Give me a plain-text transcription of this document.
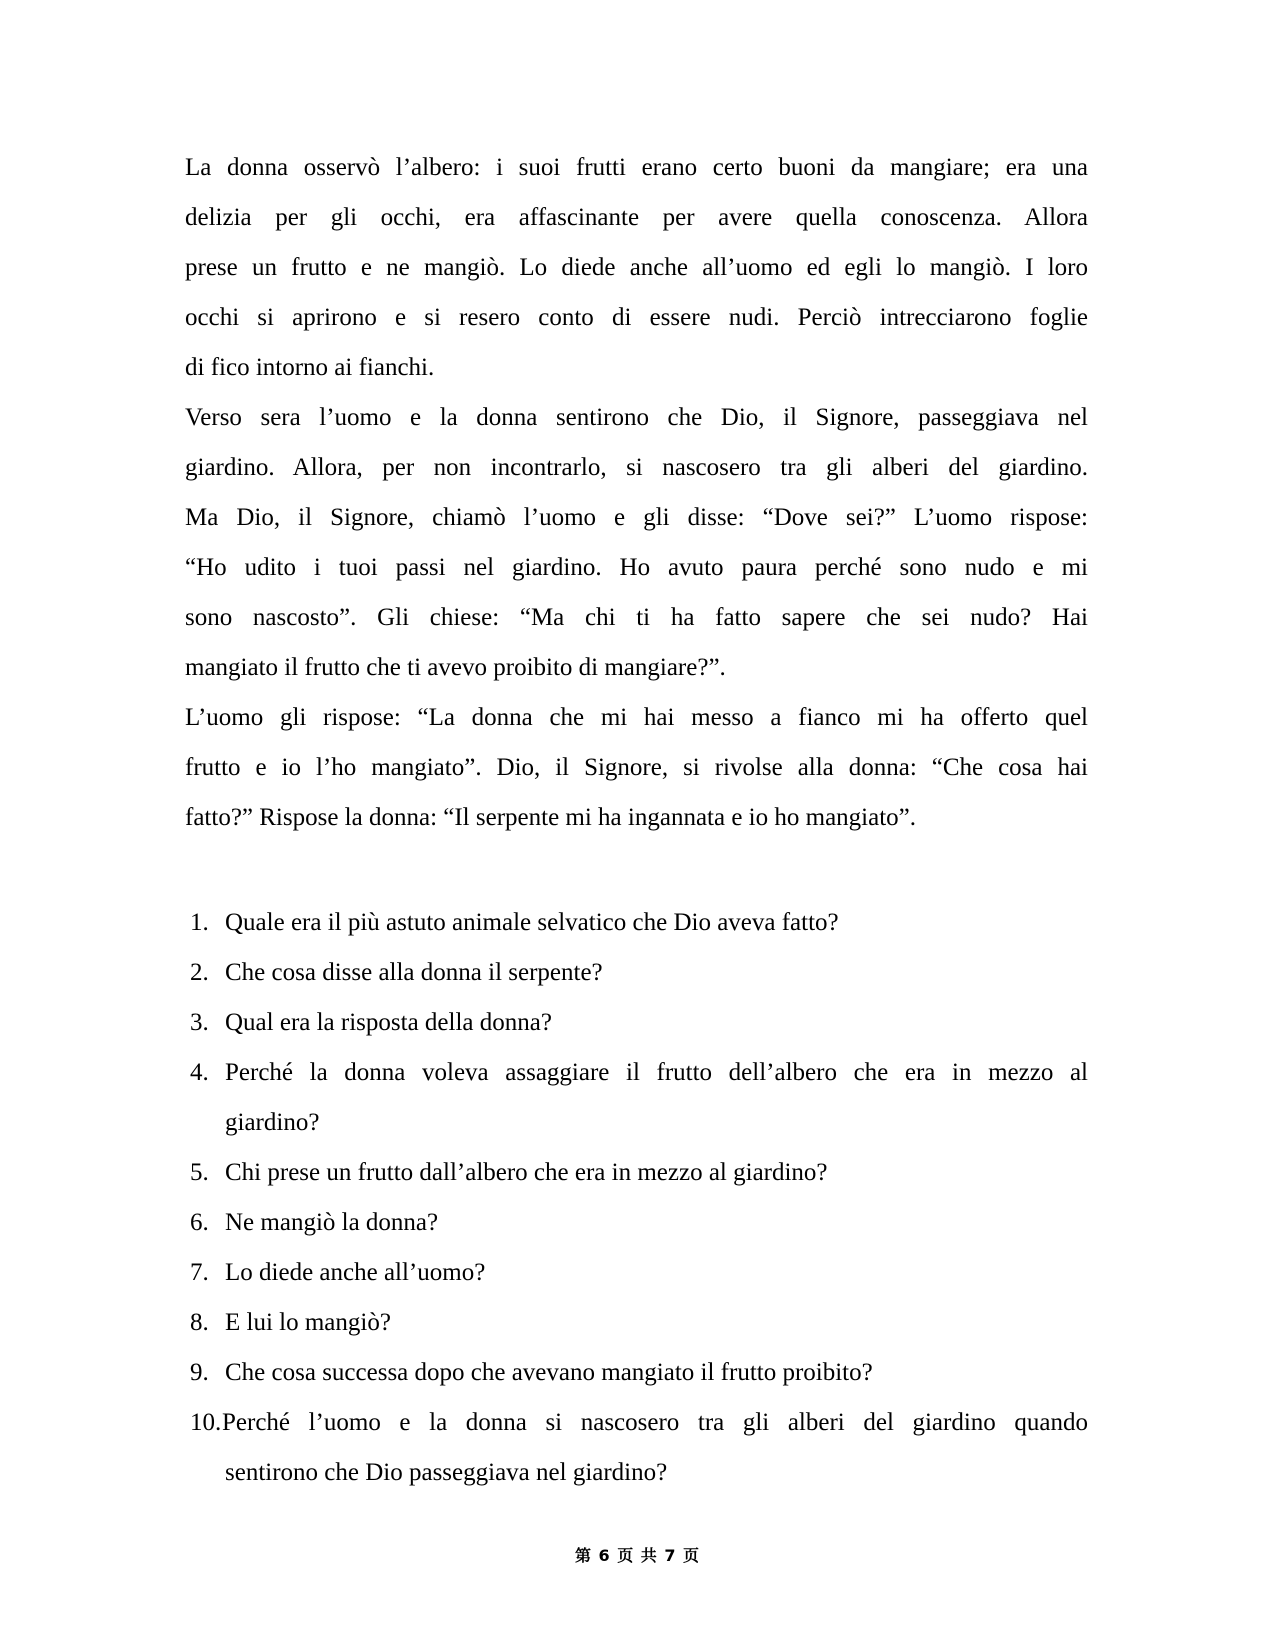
La donna osservò l’albero: i suoi frutti erano certo buoni da mangiare; era una
delizia per gli occhi, era affascinante per avere quella conoscenza. Allora
prese un frutto e ne mangiò. Lo diede anche all’uomo ed egli lo mangiò. I loro
occhi si aprirono e si resero conto di essere nudi. Perciò intrecciarono foglie
di fico intorno ai fianchi.
Verso sera l’uomo e la donna sentirono che Dio, il Signore, passeggiava nel
giardino. Allora, per non incontrarlo, si nascosero tra gli alberi del giardino.
Ma Dio, il Signore, chiamò l’uomo e gli disse: “Dove sei?” L’uomo rispose:
“Ho udito i tuoi passi nel giardino. Ho avuto paura perché sono nudo e mi
sono nascosto”. Gli chiese: “Ma chi ti ha fatto sapere che sei nudo? Hai
mangiato il frutto che ti avevo proibito di mangiare?”.
L’uomo gli rispose: “La donna che mi hai messo a fianco mi ha offerto quel
frutto e io l’ho mangiato”. Dio, il Signore, si rivolse alla donna: “Che cosa hai
fatto?” Rispose la donna: “Il serpente mi ha ingannata e io ho mangiato”.
1. Quale era il più astuto animale selvatico che Dio aveva fatto?
2. Che cosa disse alla donna il serpente?
3. Qual era la risposta della donna?
4. Perché la donna voleva assaggiare il frutto dell’albero che era in mezzo al
giardino?
5. Chi prese un frutto dall’albero che era in mezzo al giardino?
6. Ne mangiò la donna?
7. Lo diede anche all’uomo?
8. E lui lo mangiò?
9. Che cosa successa dopo che avevano mangiato il frutto proibito?
10. Perché l’uomo e la donna si nascosero tra gli alberi del giardino quando
sentirono che Dio passeggiava nel giardino?
第 6 页 共 7 页
